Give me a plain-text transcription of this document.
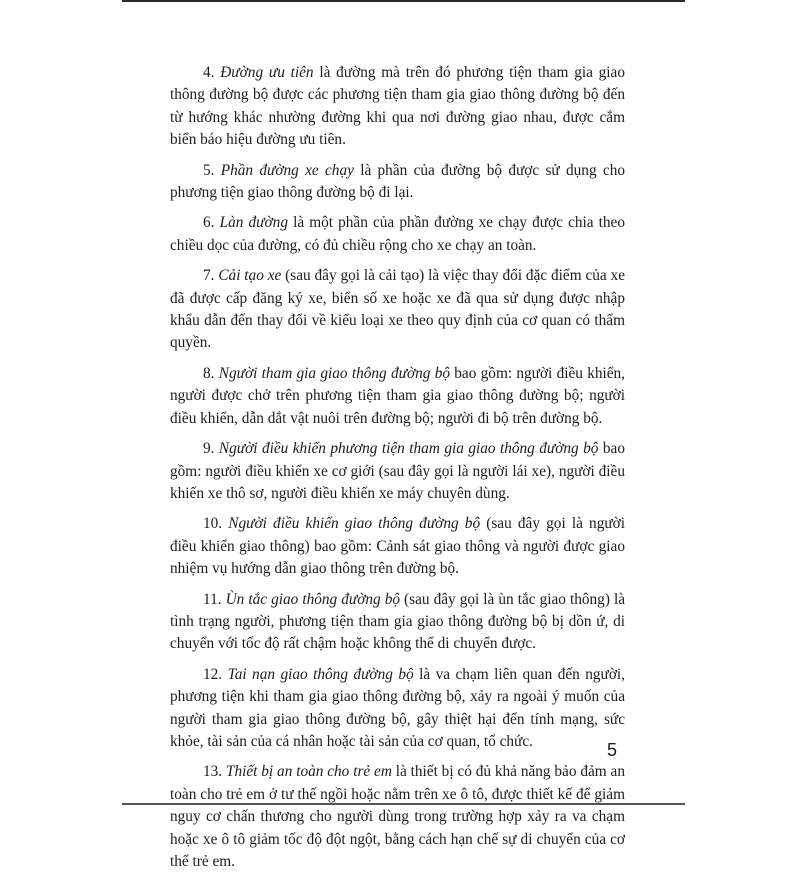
4. Đường ưu tiên là đường mà trên đó phương tiện tham gia giao thông đường bộ được các phương tiện tham gia giao thông đường bộ đến từ hướng khác nhường đường khi qua nơi đường giao nhau, được cắm biển báo hiệu đường ưu tiên.

5. Phần đường xe chạy là phần của đường bộ được sử dụng cho phương tiện giao thông đường bộ đi lại.

6. Làn đường là một phần của phần đường xe chạy được chia theo chiều dọc của đường, có đủ chiều rộng cho xe chạy an toàn.

7. Cải tạo xe (sau đây gọi là cải tạo) là việc thay đổi đặc điểm của xe đã được cấp đăng ký xe, biển số xe hoặc xe đã qua sử dụng được nhập khẩu dẫn đến thay đổi về kiểu loại xe theo quy định của cơ quan có thẩm quyền.

8. Người tham gia giao thông đường bộ bao gồm: người điều khiển, người được chở trên phương tiện tham gia giao thông đường bộ; người điều khiển, dẫn dắt vật nuôi trên đường bộ; người đi bộ trên đường bộ.

9. Người điều khiển phương tiện tham gia giao thông đường bộ bao gồm: người điều khiển xe cơ giới (sau đây gọi là người lái xe), người điều khiển xe thô sơ, người điều khiển xe máy chuyên dùng.

10. Người điều khiển giao thông đường bộ (sau đây gọi là người điều khiển giao thông) bao gồm: Cảnh sát giao thông và người được giao nhiệm vụ hướng dẫn giao thông trên đường bộ.

11. Ùn tắc giao thông đường bộ (sau đây gọi là ùn tắc giao thông) là tình trạng người, phương tiện tham gia giao thông đường bộ bị dồn ứ, di chuyển với tốc độ rất chậm hoặc không thể di chuyển được.

12. Tai nạn giao thông đường bộ là va chạm liên quan đến người, phương tiện khi tham gia giao thông đường bộ, xảy ra ngoài ý muốn của người tham gia giao thông đường bộ, gây thiệt hại đến tính mạng, sức khỏe, tài sản của cá nhân hoặc tài sản của cơ quan, tổ chức.

13. Thiết bị an toàn cho trẻ em là thiết bị có đủ khả năng bảo đảm an toàn cho trẻ em ở tư thế ngồi hoặc nằm trên xe ô tô, được thiết kế để giảm nguy cơ chấn thương cho người dùng trong trường hợp xảy ra va chạm hoặc xe ô tô giảm tốc độ đột ngột, bằng cách hạn chế sự di chuyển của cơ thể trẻ em.

5
